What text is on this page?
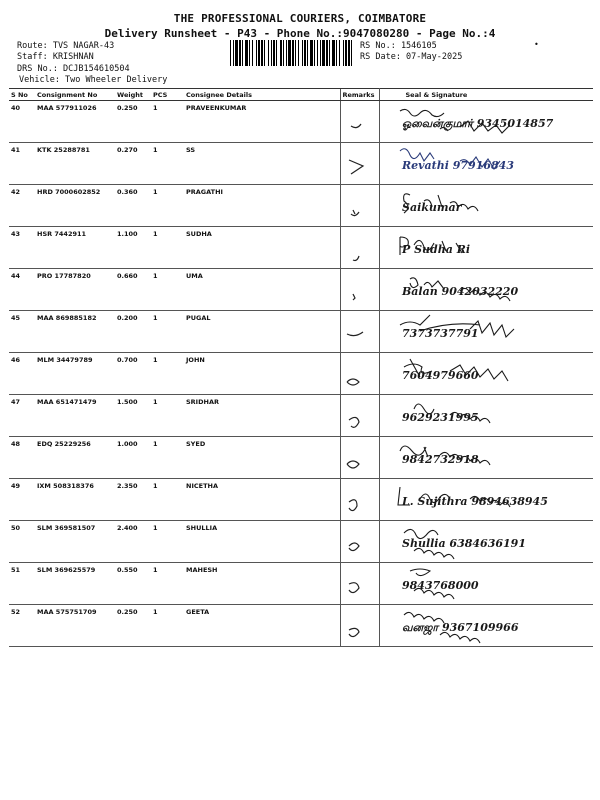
THE PROFESSIONAL COURIERS, COIMBATORE
Delivery Runsheet - P43 - Phone No.:9047080280 - Page No.:4
Route: TVS NAGAR-43
Staff: KRISHNAN
DRS No.: DCJB154610504
Vehicle: Two Wheeler Delivery
RS No.: 1546105
RS Date: 07-May-2025
•
S No	Consignment No	Weight	PCS	Consignee Details	Remarks	Seal & Signature
40	MAA 577911026	0.250	1	PRAVEENKUMAR		ஓவைன்குமார் 9345014857

41	KTK 25288781	0.270	1	SS		Revathi 97916843

42	HRD 7000602852	0.360	1	PRAGATHI		Saikumar

43	HSR 7442911	1.100	1	SUDHA		P Sudha Ri

44	PRO 17787820	0.660	1	UMA		Balan 9042032220

45	MAA 869885182	0.200	1	PUGAL		7373737791

46	MLM 34479789	0.700	1	JOHN		7604979660

47	MAA 651471479	1.500	1	SRIDHAR		9629231995

48	EDQ 25229256	1.000	1	SYED		9842732918

49	IXM 508318376	2.350	1	NICETHA		L. Sujithra 9894638945

50	SLM 369581507	2.400	1	SHULLIA		Shullia 6384636191

51	SLM 369625579	0.550	1	MAHESH		9843768000

52	MAA 575751709	0.250	1	GEETA		வனஜா 9367109966
